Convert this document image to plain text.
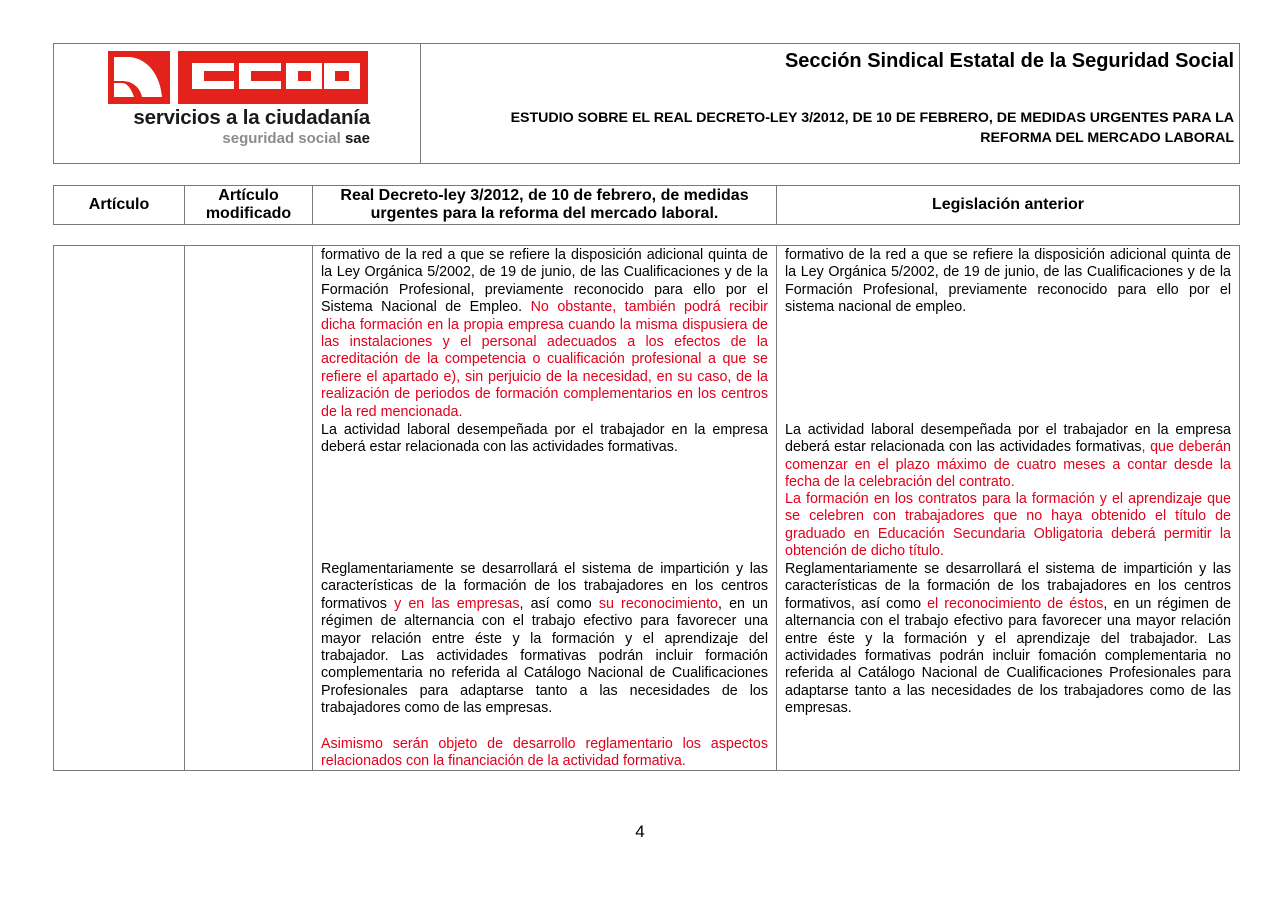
servicios a la ciudadanía
seguridad social sae
Sección Sindical Estatal de la Seguridad Social
ESTUDIO SOBRE EL REAL DECRETO-LEY 3/2012, DE 10 DE FEBRERO, DE MEDIDAS URGENTES PARA LA REFORMA DEL MERCADO LABORAL
Artículo
Artículo modificado
Real Decreto-ley 3/2012, de 10 de febrero, de medidas urgentes para la reforma del mercado laboral.
Legislación anterior

formativo de la red a que se refiere la disposición adicional quinta de la Ley Orgánica 5/2002, de 19 de junio, de las Cualificaciones y de la Formación Profesional, previamente reconocido para ello por el Sistema Nacional de Empleo. No obstante, también podrá recibir dicha formación en la propia empresa cuando la misma dispusiera de las instalaciones y el personal adecuados a los efectos de la acreditación de la competencia o cualificación profesional a que se refiere el apartado e), sin perjuicio de la necesidad, en su caso, de la realización de periodos de formación complementarios en los centros de la red mencionada.

La actividad laboral desempeñada por el trabajador en la empresa deberá estar relacionada con las actividades formativas.

Reglamentariamente se desarrollará el sistema de impartición y las características de la formación de los trabajadores en los centros formativos y en las empresas, así como su reconocimiento, en un régimen de alternancia con el trabajo efectivo para favorecer una mayor relación entre éste y la formación y el aprendizaje del trabajador. Las actividades formativas podrán incluir formación complementaria no referida al Catálogo Nacional de Cualificaciones Profesionales para adaptarse tanto a las necesidades de los trabajadores como de las empresas.

Asimismo serán objeto de desarrollo reglamentario los aspectos relacionados con la financiación de la actividad formativa.

formativo de la red a que se refiere la disposición adicional quinta de la Ley Orgánica 5/2002, de 19 de junio, de las Cualificaciones y de la Formación Profesional, previamente reconocido para ello por el sistema nacional de empleo.

La actividad laboral desempeñada por el trabajador en la empresa deberá estar relacionada con las actividades formativas, que deberán comenzar en el plazo máximo de cuatro meses a contar desde la fecha de la celebración del contrato.

La formación en los contratos para la formación y el aprendizaje que se celebren con trabajadores que no haya obtenido el título de graduado en Educación Secundaria Obligatoria deberá permitir la obtención de dicho título.

Reglamentariamente se desarrollará el sistema de impartición y las características de la formación de los trabajadores en los centros formativos, así como el reconocimiento de éstos, en un régimen de alternancia con el trabajo efectivo para favorecer una mayor relación entre éste y la formación y el aprendizaje del trabajador. Las actividades formativas podrán incluir fomación complementaria no referida al Catálogo Nacional de Cualificaciones Profesionales para adaptarse tanto a las necesidades de los trabajadores como de las empresas.

4
